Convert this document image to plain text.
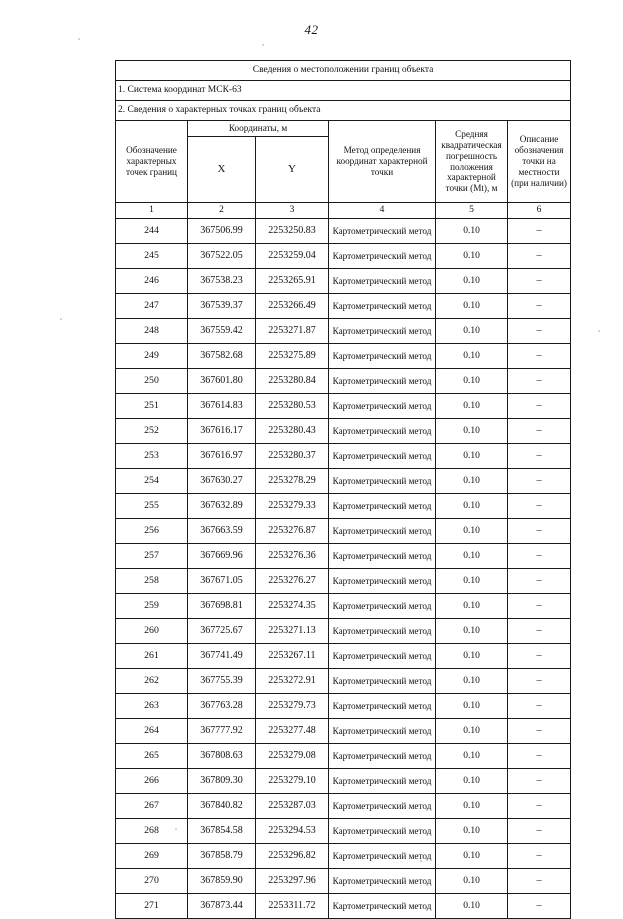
42
Сведения о местоположении границ объекта					
1. Система координат МСК-63					
2. Сведения о характерных точках границ объекта					
Обозначение характерных точек границ	Координаты, м		Метод определения координат характерной точки	Средняя квадратическая погрешность положения характерной точки (Мt), м	Описание обозначения точки на местности (при наличии)
	X	Y			
1	2	3	4	5	6
244	367506.99	2253250.83	Картометрический метод	0.10	–
245	367522.05	2253259.04	Картометрический метод	0.10	–
246	367538.23	2253265.91	Картометрический метод	0.10	–
247	367539.37	2253266.49	Картометрический метод	0.10	–
248	367559.42	2253271.87	Картометрический метод	0.10	–
249	367582.68	2253275.89	Картометрический метод	0.10	–
250	367601.80	2253280.84	Картометрический метод	0.10	–
251	367614.83	2253280.53	Картометрический метод	0.10	–
252	367616.17	2253280.43	Картометрический метод	0.10	–
253	367616.97	2253280.37	Картометрический метод	0.10	–
254	367630.27	2253278.29	Картометрический метод	0.10	–
255	367632.89	2253279.33	Картометрический метод	0.10	–
256	367663.59	2253276.87	Картометрический метод	0.10	–
257	367669.96	2253276.36	Картометрический метод	0.10	–
258	367671.05	2253276.27	Картометрический метод	0.10	–
259	367698.81	2253274.35	Картометрический метод	0.10	–
260	367725.67	2253271.13	Картометрический метод	0.10	–
261	367741.49	2253267.11	Картометрический метод	0.10	–
262	367755.39	2253272.91	Картометрический метод	0.10	–
263	367763.28	2253279.73	Картометрический метод	0.10	–
264	367777.92	2253277.48	Картометрический метод	0.10	–
265	367808.63	2253279.08	Картометрический метод	0.10	–
266	367809.30	2253279.10	Картометрический метод	0.10	–
267	367840.82	2253287.03	Картометрический метод	0.10	–
268	367854.58	2253294.53	Картометрический метод	0.10	–
269	367858.79	2253296.82	Картометрический метод	0.10	–
270	367859.90	2253297.96	Картометрический метод	0.10	–
271	367873.44	2253311.72	Картометрический метод	0.10	–
